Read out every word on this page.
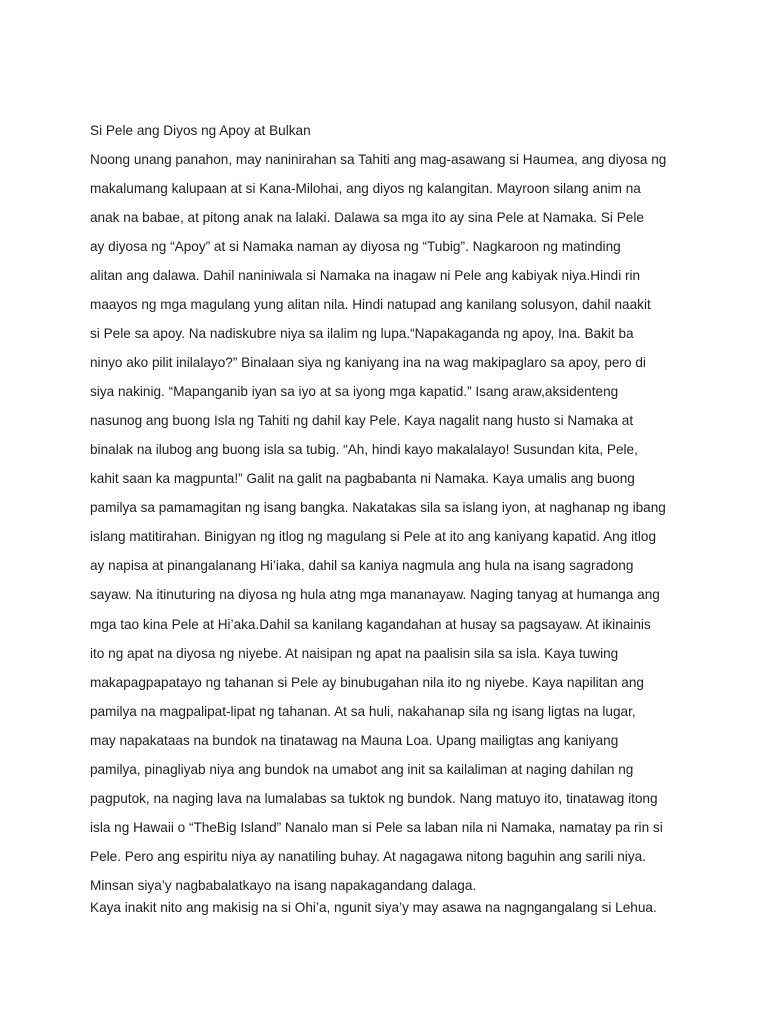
Si Pele ang Diyos ng Apoy at Bulkan
Noong unang panahon, may naninirahan sa Tahiti ang mag-asawang si Haumea, ang diyosa ng
makalumang kalupaan at si Kana-Milohai, ang diyos ng kalangitan. Mayroon silang anim na
anak na babae, at pitong anak na lalaki. Dalawa sa mga ito ay sina Pele at Namaka. Si Pele
ay diyosa ng “Apoy” at si Namaka naman ay diyosa ng “Tubig”. Nagkaroon ng matinding
alitan ang dalawa. Dahil naniniwala si Namaka na inagaw ni Pele ang kabiyak niya.Hindi rin
maayos ng mga magulang yung alitan nila. Hindi natupad ang kanilang solusyon, dahil naakit
si Pele sa apoy. Na nadiskubre niya sa ilalim ng lupa.“Napakaganda ng apoy, Ina. Bakit ba
ninyo ako pilit inilalayo?” Binalaan siya ng kaniyang ina na wag makipaglaro sa apoy, pero di
siya nakinig. “Mapanganib iyan sa iyo at sa iyong mga kapatid.” Isang araw,aksidenteng
nasunog ang buong Isla ng Tahiti ng dahil kay Pele. Kaya nagalit nang husto si Namaka at
binalak na ilubog ang buong isla sa tubig. “Ah, hindi kayo makalalayo! Susundan kita, Pele,
kahit saan ka magpunta!” Galit na galit na pagbabanta ni Namaka. Kaya umalis ang buong
pamilya sa pamamagitan ng isang bangka. Nakatakas sila sa islang iyon, at naghanap ng ibang
islang matitirahan. Binigyan ng itlog ng magulang si Pele at ito ang kaniyang kapatid. Ang itlog
ay napisa at pinangalanang Hi’iaka, dahil sa kaniya nagmula ang hula na isang sagradong
sayaw. Na itinuturing na diyosa ng hula atng mga mananayaw. Naging tanyag at humanga ang
mga tao kina Pele at Hi’aka.Dahil sa kanilang kagandahan at husay sa pagsayaw. At ikinainis
ito ng apat na diyosa ng niyebe. At naisipan ng apat na paalisin sila sa isla. Kaya tuwing
makapagpapatayo ng tahanan si Pele ay binubugahan nila ito ng niyebe. Kaya napilitan ang
pamilya na magpalipat-lipat ng tahanan. At sa huli, nakahanap sila ng isang ligtas na lugar,
may napakataas na bundok na tinatawag na Mauna Loa. Upang mailigtas ang kaniyang
pamilya, pinagliyab niya ang bundok na umabot ang init sa kailaliman at naging dahilan ng
pagputok, na naging lava na lumalabas sa tuktok ng bundok. Nang matuyo ito, tinatawag itong
isla ng Hawaii o “TheBig Island” Nanalo man si Pele sa laban nila ni Namaka, namatay pa rin si
Pele. Pero ang espiritu niya ay nanatiling buhay. At nagagawa nitong baguhin ang sarili niya.
Minsan siya’y nagbabalatkayo na isang napakagandang dalaga.
Kaya inakit nito ang makisig na si Ohi’a, ngunit siya’y may asawa na nagngangalang si Lehua.
